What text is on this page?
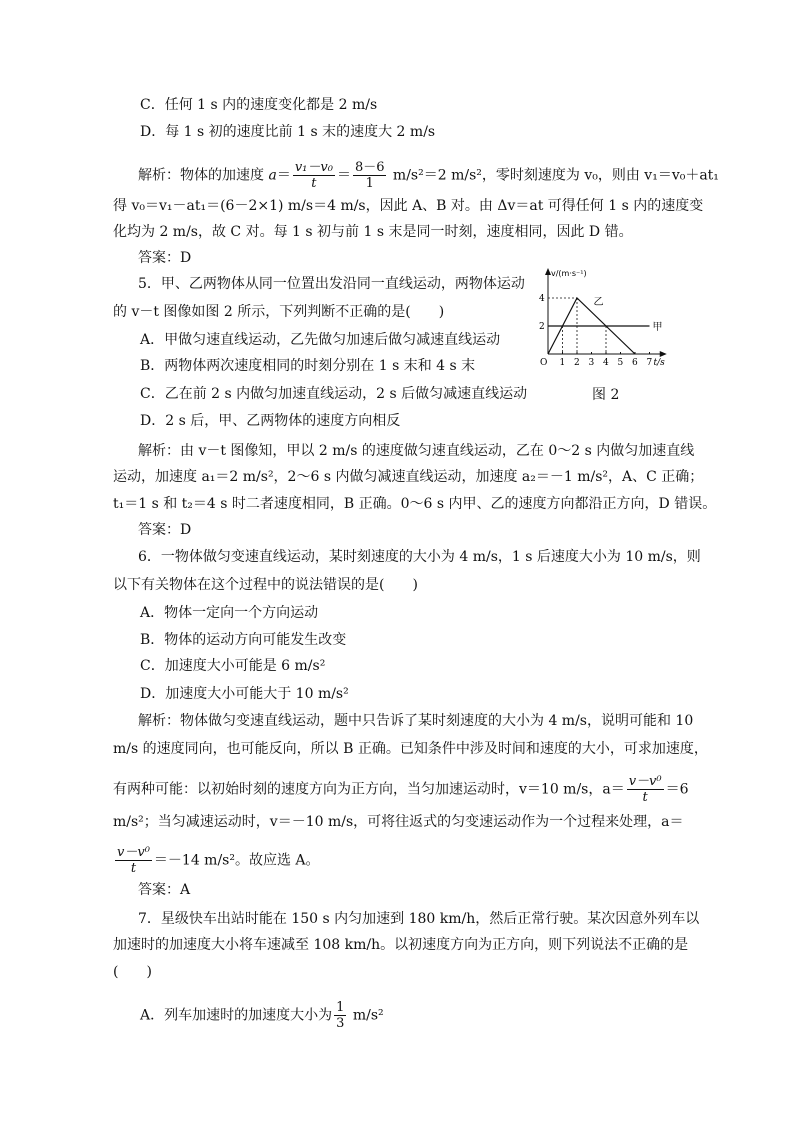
C．任何 1 s 内的速度变化都是 2 m/s
D．每 1 s 初的速度比前 1 s 末的速度大 2 m/s
解析：物体的加速度 $a= \frac{\text{v₁－v₀}}{t} = \frac{8-6}{1} m/s^2=2$ m/s²，零时刻速度为 v₀，则由 v₁＝v₀＋at₁
得 v₀＝v₁－at₁＝(6－2×1) m/s＝4 m/s，因此 A、B 对。由 Δv＝at 可得任何 1 s 内的速度变
化均为 2 m/s，故 C 对。每 1 s 初与前 1 s 末是同一时刻，速度相同，因此 D 错。
答案：D
5．甲、乙两物体从同一位置出发沿同一直线运动，两物体运动
的 v－t 图像如图 2 所示，下列判断不正确的是(　　)
A．甲做匀速直线运动，乙先做匀加速后做匀减速直线运动
B．两物体两次速度相同的时刻分别在 1 s 末和 4 s 末
C．乙在前 2 s 内做匀加速直线运动，2 s 后做匀减速直线运动
D．2 s 后，甲、乙两物体的速度方向相反
v/(m·s⁻¹)
t/s
O 1 2 3 4 5 6 7
2
4
甲
乙
图 2
解析：由 v－t 图像知，甲以 2 m/s 的速度做匀速直线运动，乙在 0～2 s 内做匀加速直线
运动，加速度 a₁＝2 m/s²，2～6 s 内做匀减速直线运动，加速度 a₂＝－1 m/s²，A、C 正确；
t₁＝1 s 和 t₂＝4 s 时二者速度相同，B 正确。0～6 s 内甲、乙的速度方向都沿正方向，D 错误。
答案：D
6．一物体做匀变速直线运动，某时刻速度的大小为 4 m/s，1 s 后速度大小为 10 m/s，则
以下有关物体在这个过程中的说法错误的是(　　)
A．物体一定向一个方向运动
B．物体的运动方向可能发生改变
C．加速度大小可能是 6 m/s²
D．加速度大小可能大于 10 m/s²
解析：物体做匀变速直线运动，题中只告诉了某时刻速度的大小为 4 m/s，说明可能和 10
m/s 的速度同向，也可能反向，所以 B 正确。已知条件中涉及时间和速度的大小，可求加速度，
有两种可能：以初始时刻的速度方向为正方向，当匀加速运动时，v＝10 m/s，$a= \frac{\text{v－v⁰}}{t} =6$
m/s²；当匀减速运动时，v＝－10 m/s，可将往返式的匀变速运动作为一个过程来处理，a＝
$\frac{\text{v－v⁰}}{t} =-14$ m/s²。故应选 A。
答案：A
7．星级快车出站时能在 150 s 内匀加速到 180 km/h，然后正常行驶。某次因意外列车以
加速时的加速度大小将车速减至 108 km/h。以初速度方向为正方向，则下列说法不正确的是
(　　)
A．列车加速时的加速度大小为 $\frac{1}{3} m/s^2$
